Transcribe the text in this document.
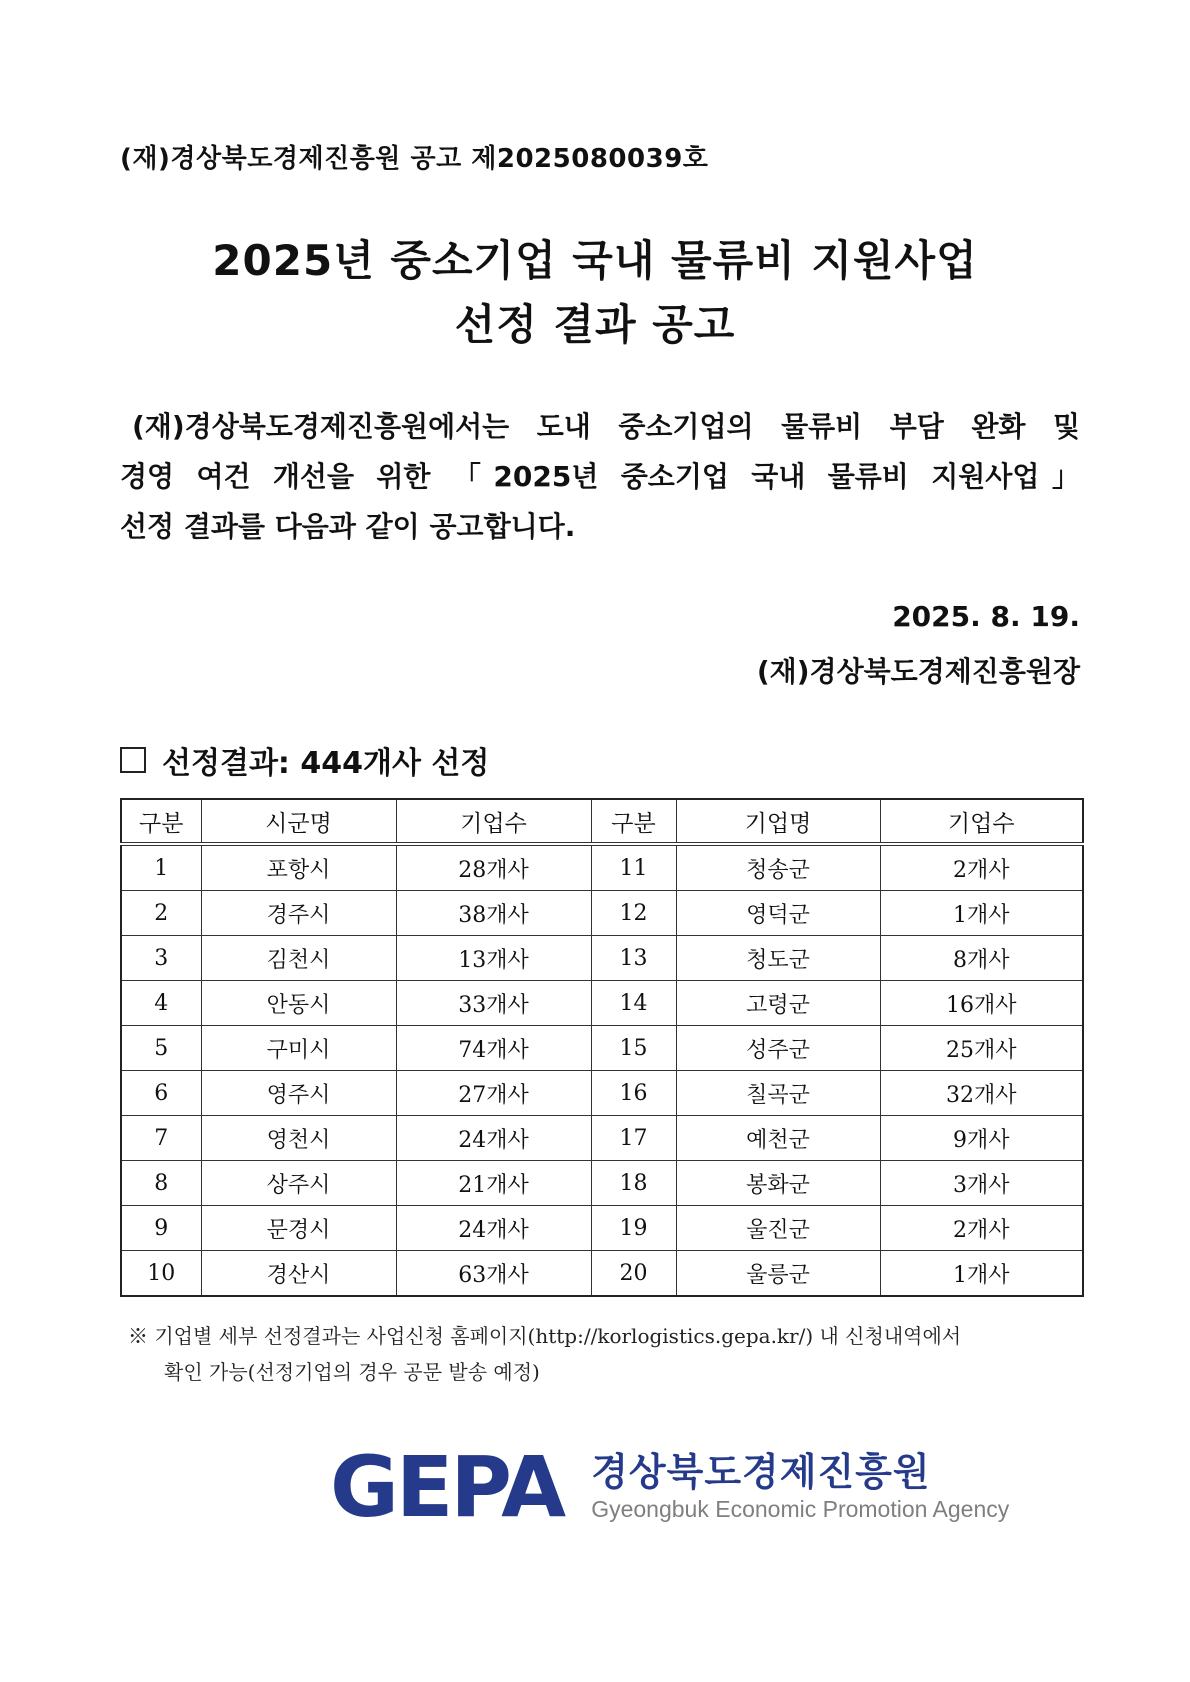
(재)경상북도경제진흥원 공고 제2025080039호
2025년 중소기업 국내 물류비 지원사업
선정 결과 공고
(재)경상북도경제진흥원에서는 도내 중소기업의 물류비 부담 완화 및
경영 여건 개선을 위한 「2025년 중소기업 국내 물류비 지원사업」
선정 결과를 다음과 같이 공고합니다.
2025. 8. 19.
(재)경상북도경제진흥원장
선정결과: 444개사 선정
구분	시군명	기업수	구분	기업명	기업수
1	포항시	28개사	11	청송군	2개사
2	경주시	38개사	12	영덕군	1개사
3	김천시	13개사	13	청도군	8개사
4	안동시	33개사	14	고령군	16개사
5	구미시	74개사	15	성주군	25개사
6	영주시	27개사	16	칠곡군	32개사
7	영천시	24개사	17	예천군	9개사
8	상주시	21개사	18	봉화군	3개사
9	문경시	24개사	19	울진군	2개사
10	경산시	63개사	20	울릉군	1개사
※ 기업별 세부 선정결과는 사업신청 홈페이지(http://korlogistics.gepa.kr/) 내 신청내역에서
확인 가능(선정기업의 경우 공문 발송 예정)
GEPA 경상북도경제진흥원
Gyeongbuk Economic Promotion Agency
